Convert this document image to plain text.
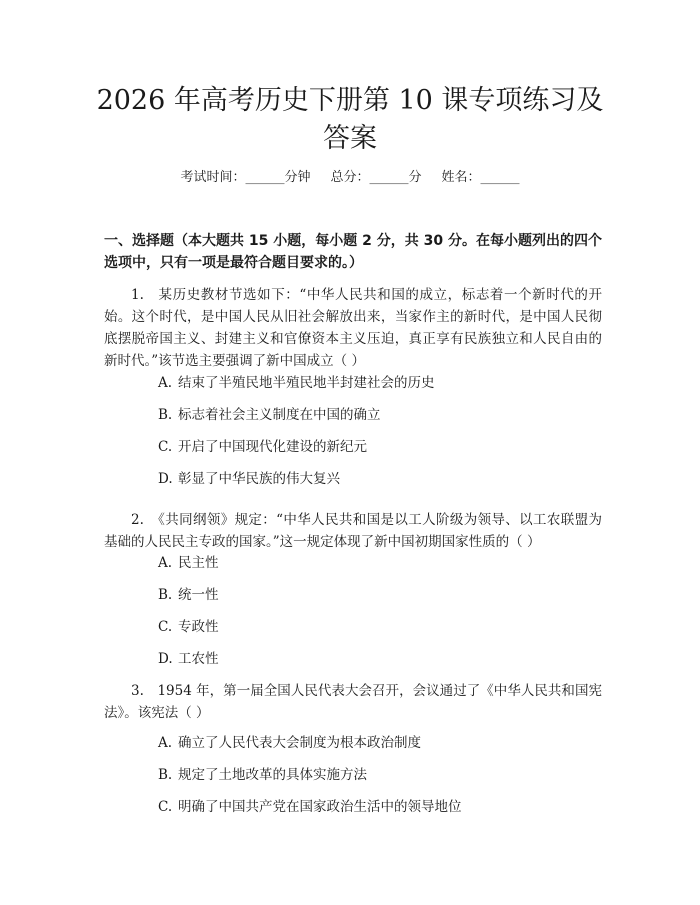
2026 年高考历史下册第 10 课专项练习及答案
考试时间：______分钟 总分：______分 姓名：______
一、选择题（本大题共 15 小题，每小题 2 分，共 30 分。在每小题列出的四个选项中，只有一项是最符合题目要求的。）

1.　某历史教材节选如下：“中华人民共和国的成立，标志着一个新时代的开始。这个时代，是中国人民从旧社会解放出来，当家作主的新时代，是中国人民彻底摆脱帝国主义、封建主义和官僚资本主义压迫，真正享有民族独立和人民自由的新时代。”该节选主要强调了新中国成立（ ）

A. 结束了半殖民地半殖民地半封建社会的历史

B. 标志着社会主义制度在中国的确立

C. 开启了中国现代化建设的新纪元

D. 彰显了中华民族的伟大复兴

2.　《共同纲领》规定：“中华人民共和国是以工人阶级为领导、以工农联盟为基础的人民民主专政的国家。”这一规定体现了新中国初期国家性质的（ ）

A. 民主性

B. 统一性

C. 专政性

D. 工农性

3.　1954 年，第一届全国人民代表大会召开，会议通过了《中华人民共和国宪法》。该宪法（ ）

A. 确立了人民代表大会制度为根本政治制度

B. 规定了土地改革的具体实施方法

C. 明确了中国共产党在国家政治生活中的领导地位
